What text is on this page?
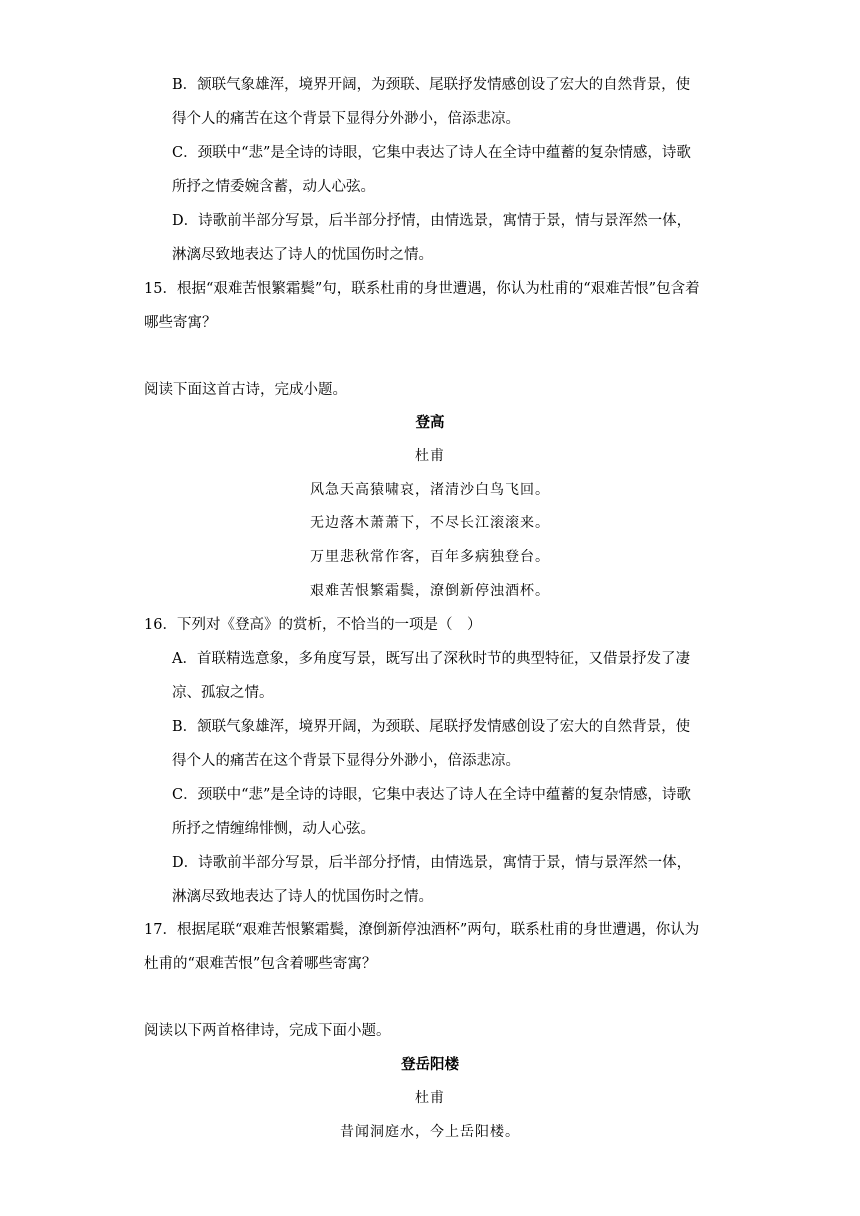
B．颔联气象雄浑，境界开阔，为颈联、尾联抒发情感创设了宏大的自然背景，使
得个人的痛苦在这个背景下显得分外渺小，倍添悲凉。
C．颈联中“悲”是全诗的诗眼，它集中表达了诗人在全诗中蕴蓄的复杂情感，诗歌
所抒之情委婉含蓄，动人心弦。
D．诗歌前半部分写景，后半部分抒情，由情选景，寓情于景，情与景浑然一体，
淋漓尽致地表达了诗人的忧国伤时之情。
15．根据“艰难苦恨繁霜鬓”句，联系杜甫的身世遭遇，你认为杜甫的“艰难苦恨”包含着
哪些寄寓？
阅读下面这首古诗，完成小题。
登高
杜甫
风急天高猿啸哀，渚清沙白鸟飞回。
无边落木萧萧下，不尽长江滚滚来。
万里悲秋常作客，百年多病独登台。
艰难苦恨繁霜鬓，潦倒新停浊酒杯。
16．下列对《登高》的赏析，不恰当的一项是（　）
A．首联精选意象，多角度写景，既写出了深秋时节的典型特征，又借景抒发了凄
凉、孤寂之情。
B．颔联气象雄浑，境界开阔，为颈联、尾联抒发情感创设了宏大的自然背景，使
得个人的痛苦在这个背景下显得分外渺小，倍添悲凉。
C．颈联中“悲”是全诗的诗眼，它集中表达了诗人在全诗中蕴蓄的复杂情感，诗歌
所抒之情缠绵悱恻，动人心弦。
D．诗歌前半部分写景，后半部分抒情，由情选景，寓情于景，情与景浑然一体，
淋漓尽致地表达了诗人的忧国伤时之情。
17．根据尾联“艰难苦恨繁霜鬓，潦倒新停浊酒杯”两句，联系杜甫的身世遭遇，你认为
杜甫的“艰难苦恨”包含着哪些寄寓？
阅读以下两首格律诗，完成下面小题。
登岳阳楼
杜甫
昔闻洞庭水，今上岳阳楼。
